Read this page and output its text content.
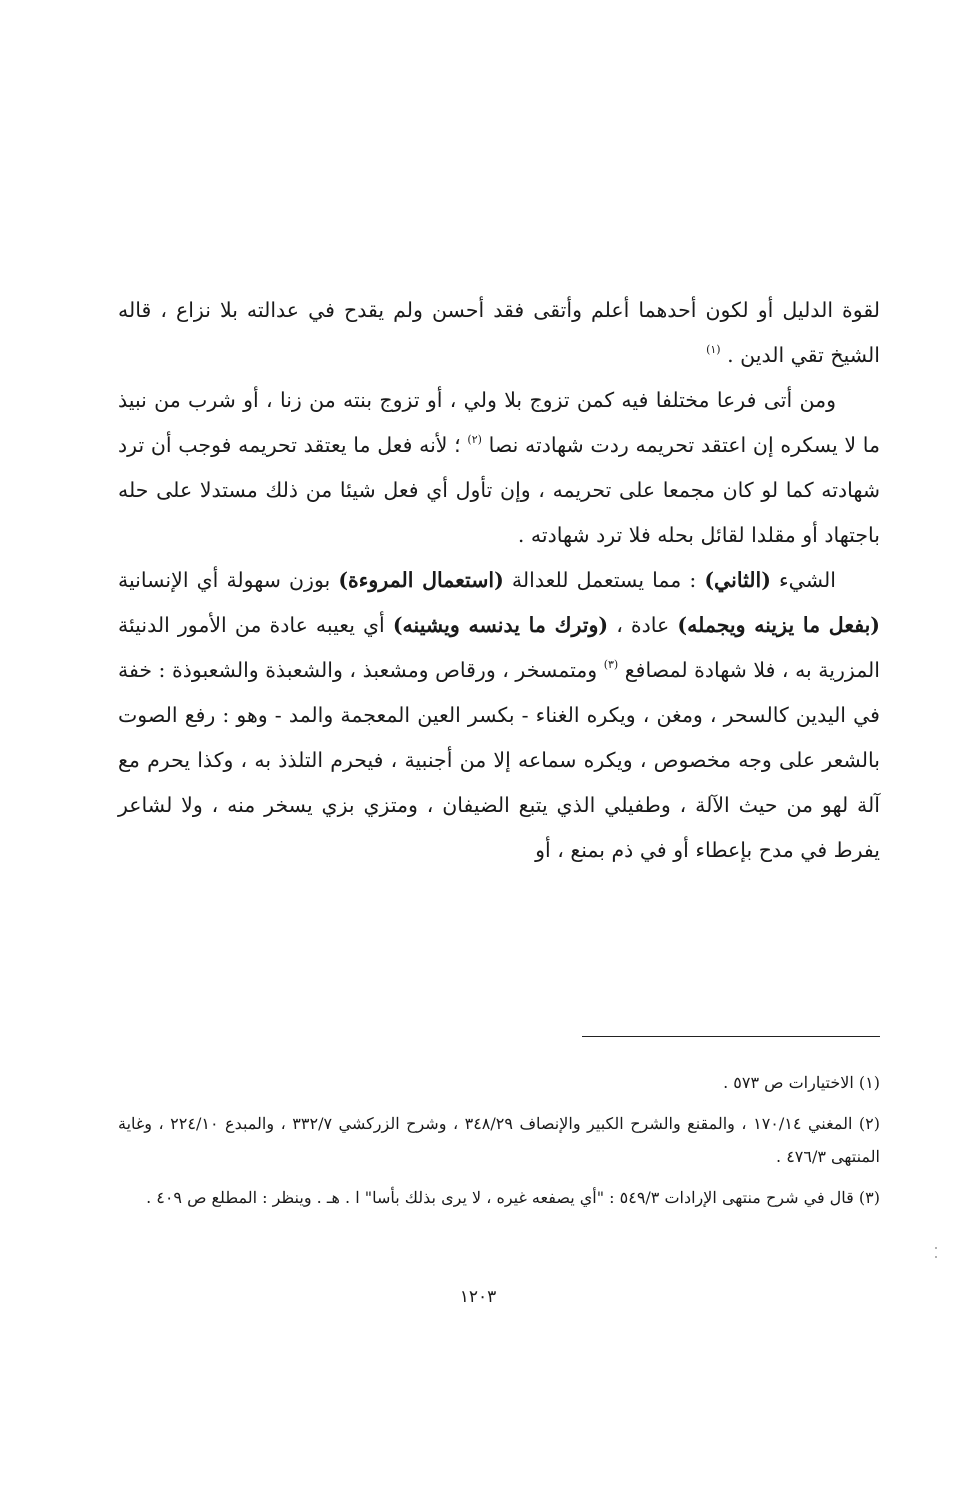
لقوة الدليل أو لكون أحدهما أعلم وأتقى فقد أحسن ولم يقدح في عدالته بلا نزاع ، قاله الشيخ تقي الدين . $^{(١)}$

ومن أتى فرعا مختلفا فيه كمن تزوج بلا ولي ، أو تزوج بنته من زنا ، أو شرب من نبيذ ما لا يسكره إن اعتقد تحريمه ردت شهادته نصا $^{(٢)}$ ؛ لأنه فعل ما يعتقد تحريمه فوجب أن ترد شهادته كما لو كان مجمعا على تحريمه ، وإن تأول أي فعل شيئا من ذلك مستدلا على حله باجتهاد أو مقلدا لقائل بحله فلا ترد شهادته .

الشيء (الثاني) : مما يستعمل للعدالة (استعمال المروءة) بوزن سهولة أي الإنسانية (بفعل ما يزينه ويجمله) عادة ، (وترك ما يدنسه ويشينه) أي يعيبه عادة من الأمور الدنيئة المزرية به ، فلا شهادة لمصافع $^{(٣)}$ ومتمسخر ، ورقاص ومشعبذ ، والشعبذة والشعبوذة : خفة في اليدين كالسحر ، ومغن ، ويكره الغناء - بكسر العين المعجمة والمد - وهو : رفع الصوت بالشعر على وجه مخصوص ، ويكره سماعه إلا من أجنبية ، فيحرم التلذذ به ، وكذا يحرم مع آلة لهو من حيث الآلة ، وطفيلي الذي يتبع الضيفان ، ومتزي بزي يسخر منه ، ولا لشاعر يفرط في مدح بإعطاء أو في ذم بمنع ، أو

(١) الاختيارات ص ٥٧٣ .

(٢) المغني ١٧٠/١٤ ، والمقنع والشرح الكبير والإنصاف ٣٤٨/٢٩ ، وشرح الزركشي ٣٣٢/٧ ، والمبدع ٢٢٤/١٠ ، وغاية المنتهى ٤٧٦/٣ .

(٣) قال في شرح منتهى الإرادات ٥٤٩/٣ : "أي يصفعه غيره ، لا يرى بذلك بأسا" ا . هـ . وينظر : المطلع ص ٤٠٩ .

١٢٠٣
